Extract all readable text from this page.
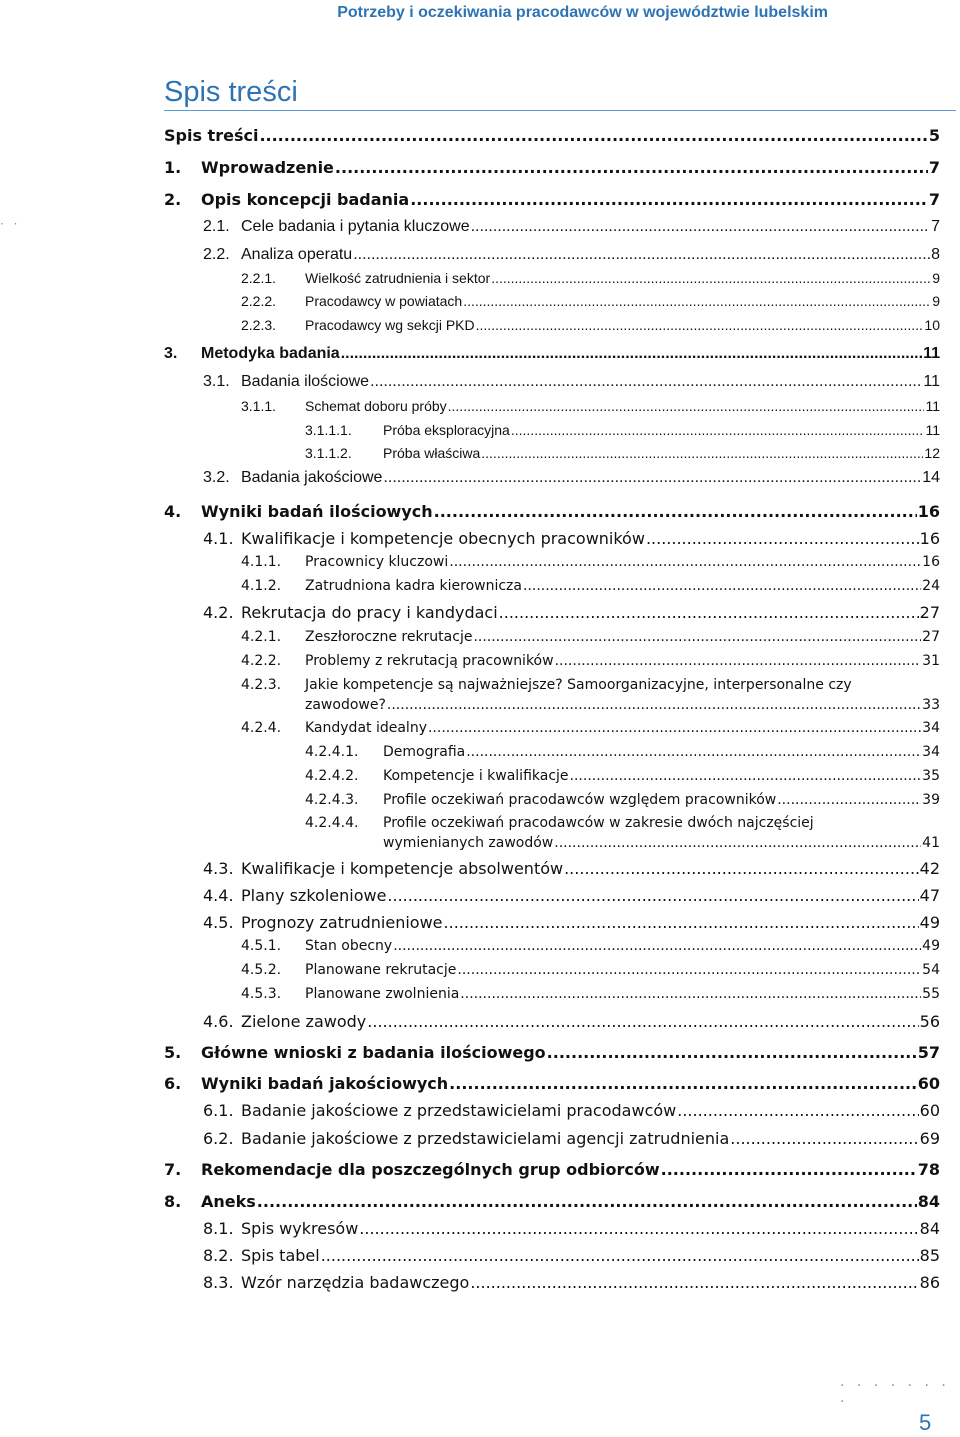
Potrzeby i oczekiwania pracodawców w województwie lubelskim
Spis treści
· ·
Spis treści .....	5
1.	Wprowadzenie .....	7
2.	Opis koncepcji badania .....	7
2.1. Cele badania i pytania kluczowe .....	7
2.2. Analiza operatu .....	8
2.2.1.	Wielkość zatrudnienia i sektor .....	9
2.2.2.	Pracodawcy w powiatach .....	9
2.2.3.	Pracodawcy wg sekcji PKD .....	10
3.	Metodyka badania .....	11
3.1. Badania ilościowe .....	11
3.1.1.	Schemat doboru próby .....	11
3.1.1.1.	Próba eksploracyjna .....	11
3.1.1.2.	Próba właściwa .....	12
3.2. Badania jakościowe .....	14
4.	Wyniki badań ilościowych .....	16
4.1. Kwalifikacje i kompetencje obecnych pracowników .....	16
4.1.1.	Pracownicy kluczowi .....	16
4.1.2.	Zatrudniona kadra kierownicza .....	24
4.2. Rekrutacja do pracy i kandydaci .....	27
4.2.1.	Zeszłoroczne rekrutacje .....	27
4.2.2.	Problemy z rekrutacją pracowników .....	31
4.2.3. Jakie kompetencje są najważniejsze? Samoorganizacyjne, interpersonalne czy
zawodowe? .....	33
4.2.4.	Kandydat idealny .....	34
4.2.4.1.	Demografia .....	34
4.2.4.2.	Kompetencje i kwalifikacje .....	35
4.2.4.3.	Profile oczekiwań pracodawców względem pracowników .....	39
4.2.4.4. Profile oczekiwań pracodawców w zakresie dwóch najczęściej
wymienianych zawodów .....	41
4.3. Kwalifikacje i kompetencje absolwentów .....	42
4.4. Plany szkoleniowe .....	47
4.5. Prognozy zatrudnieniowe .....	49
4.5.1.	Stan obecny .....	49
4.5.2.	Planowane rekrutacje .....	54
4.5.3.	Planowane zwolnienia .....	55
4.6. Zielone zawody .....	56
5.	Główne wnioski z badania ilościowego .....	57
6.	Wyniki badań jakościowych .....	60
6.1. Badanie jakościowe z przedstawicielami pracodawców .....	60
6.2. Badanie jakościowe z przedstawicielami agencji zatrudnienia .....	69
7.	Rekomendacje dla poszczególnych grup odbiorców .....	78
8.	Aneks .....	84
8.1. Spis wykresów .....	84
8.2. Spis tabel .....	85
8.3. Wzór narzędzia badawczego .....	86
· · · · · · · ·
5
